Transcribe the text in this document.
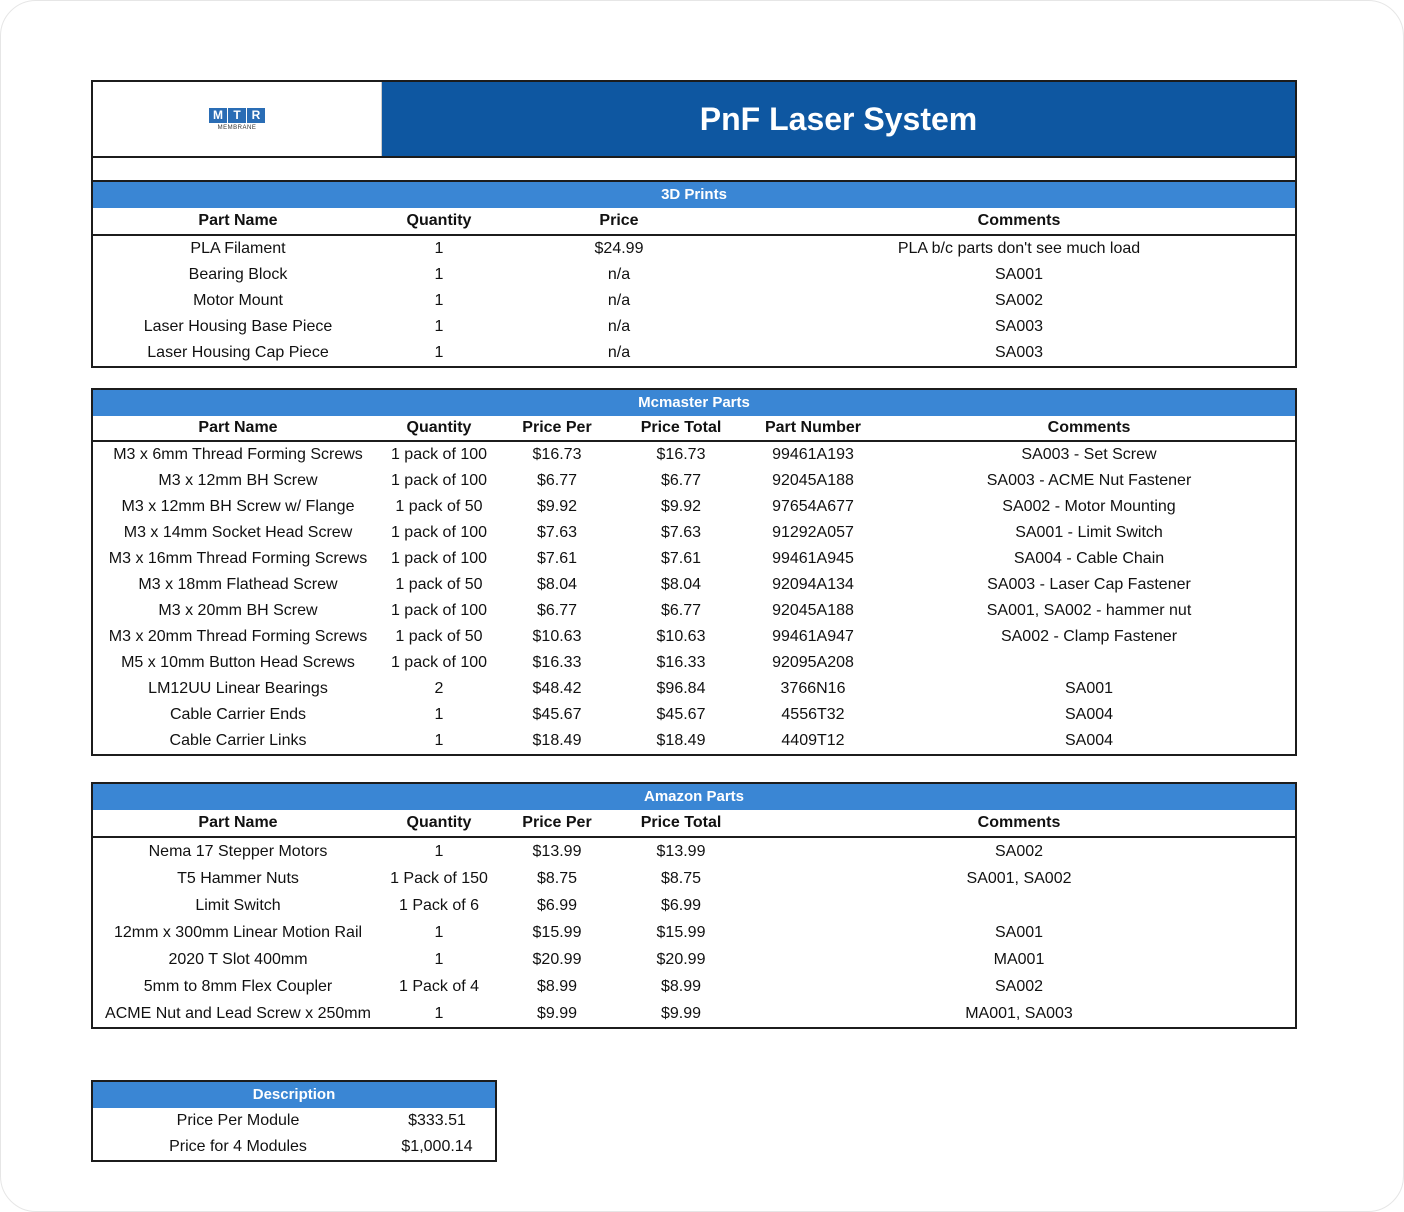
M T R
MEMBRANE	PnF Laser System
3D Prints
Part Name	Quantity	Price	Comments
PLA Filament	1	$24.99	PLA b/c parts don't see much load
Bearing Block	1	n/a	SA001
Motor Mount	1	n/a	SA002
Laser Housing Base Piece	1	n/a	SA003
Laser Housing Cap Piece	1	n/a	SA003
Mcmaster Parts
Part Name	Quantity	Price Per	Price Total	Part Number	Comments
M3 x 6mm Thread Forming Screws	1 pack of 100	$16.73	$16.73	99461A193	SA003 - Set Screw
M3 x 12mm BH Screw	1 pack of 100	$6.77	$6.77	92045A188	SA003 - ACME Nut Fastener
M3 x 12mm BH Screw w/ Flange	1 pack of 50	$9.92	$9.92	97654A677	SA002 - Motor Mounting
M3 x 14mm Socket Head Screw	1 pack of 100	$7.63	$7.63	91292A057	SA001 - Limit Switch
M3 x 16mm Thread Forming Screws	1 pack of 100	$7.61	$7.61	99461A945	SA004 - Cable Chain
M3 x 18mm Flathead Screw	1 pack of 50	$8.04	$8.04	92094A134	SA003 - Laser Cap Fastener
M3 x 20mm BH Screw	1 pack of 100	$6.77	$6.77	92045A188	SA001, SA002 - hammer nut
M3 x 20mm Thread Forming Screws	1 pack of 50	$10.63	$10.63	99461A947	SA002 - Clamp Fastener
M5 x 10mm Button Head Screws	1 pack of 100	$16.33	$16.33	92095A208
LM12UU Linear Bearings	2	$48.42	$96.84	3766N16	SA001
Cable Carrier Ends	1	$45.67	$45.67	4556T32	SA004
Cable Carrier Links	1	$18.49	$18.49	4409T12	SA004
Amazon Parts
Part Name	Quantity	Price Per	Price Total	Comments
Nema 17 Stepper Motors	1	$13.99	$13.99	SA002
T5 Hammer Nuts	1 Pack of 150	$8.75	$8.75	SA001, SA002
Limit Switch	1 Pack of 6	$6.99	$6.99
12mm x 300mm Linear Motion Rail	1	$15.99	$15.99	SA001
2020 T Slot 400mm	1	$20.99	$20.99	MA001
5mm to 8mm Flex Coupler	1 Pack of 4	$8.99	$8.99	SA002
ACME Nut and Lead Screw x 250mm	1	$9.99	$9.99	MA001, SA003
Description
Price Per Module	$333.51
Price for 4 Modules	$1,000.14
